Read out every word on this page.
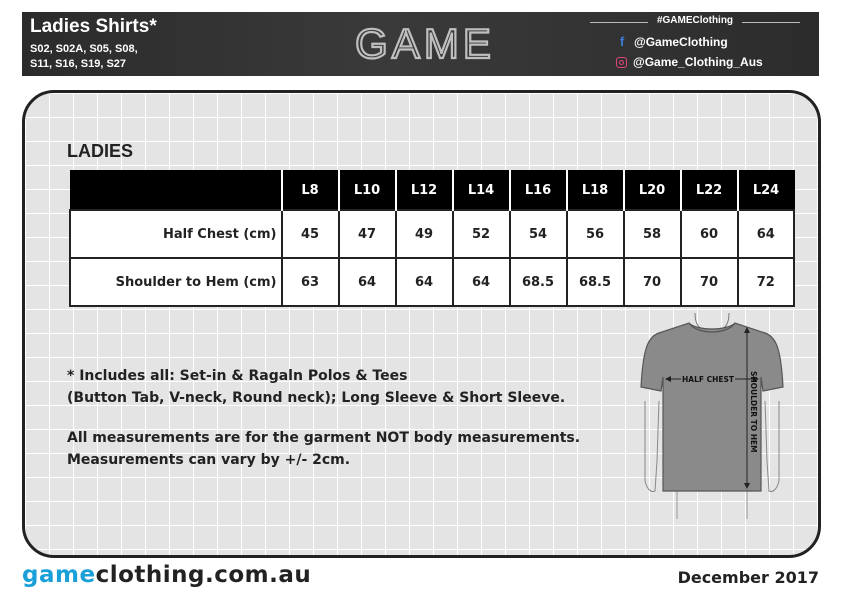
Ladies Shirts*
S02, S02A, S05, S08,
S11, S16, S19, S27	GAME	#GAMEClothing
f @GameClothing
@Game_Clothing_Aus
LADIES
	L8	L10	L12	L14	L16	L18	L20	L22	L24
Half Chest (cm)	45	47	49	52	54	56	58	60	64
Shoulder to Hem (cm)	63	64	64	64	68.5	68.5	70	70	72
* Includes all: Set-in & Ragaln Polos & Tees
(Button Tab, V-neck, Round neck); Long Sleeve & Short Sleeve.
All measurements are for the garment NOT body measurements.
Measurements can vary by +/- 2cm.
HALF CHEST SHOULDER TO HEM
gameclothing.com.au	December 2017
